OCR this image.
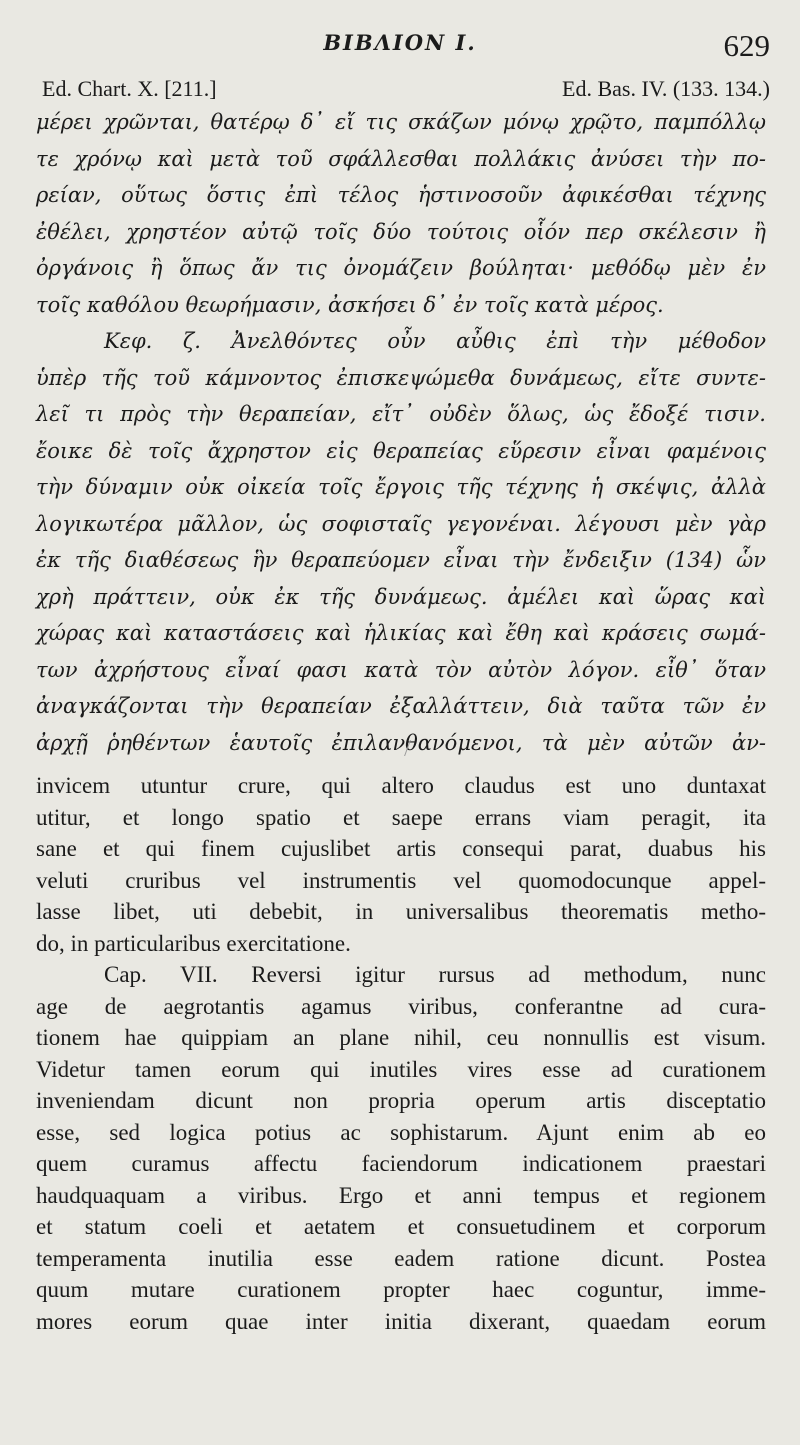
ΒΙΒΛΙΟΝ I.	629
Ed. Chart. X. [211.]	Ed. Bas. IV. (133. 134.)
μέρει χρῶνται, θατέρῳ δ᾽ εἴ τις σκάζων μόνῳ χρῷτο, παμπόλλῳ
τε χρόνῳ καὶ μετὰ τοῦ σφάλλεσθαι πολλάκις ἀνύσει τὴν πο-
ρείαν, οὕτως ὅστις ἐπὶ τέλος ἡστινοσοῦν ἀφικέσθαι τέχνης
ἐθέλει, χρηστέον αὐτῷ τοῖς δύο τούτοις οἷόν περ σκέλεσιν ἢ
ὀργάνοις ἢ ὅπως ἄν τις ὀνομάζειν βούληται· μεθόδῳ μὲν ἐν
τοῖς καθόλου θεωρήμασιν, ἀσκήσει δ᾽ ἐν τοῖς κατὰ μέρος.
Κεφ. ζ. Ἀνελθόντες οὖν αὖθις ἐπὶ τὴν μέθοδον
ὑπὲρ τῆς τοῦ κάμνοντος ἐπισκεψώμεθα δυνάμεως, εἴτε συντε-
λεῖ τι πρὸς τὴν θεραπείαν, εἴτ᾽ οὐδὲν ὅλως, ὡς ἔδοξέ τισιν.
ἔοικε δὲ τοῖς ἄχρηστον εἰς θεραπείας εὕρεσιν εἶναι φαμένοις
τὴν δύναμιν οὐκ οἰκεία τοῖς ἔργοις τῆς τέχνης ἡ σκέψις, ἀλλὰ
λογικωτέρα μᾶλλον, ὡς σοφισταῖς γεγονέναι. λέγουσι μὲν γὰρ
ἐκ τῆς διαθέσεως ἣν θεραπεύομεν εἶναι τὴν ἔνδειξιν (134) ὧν
χρὴ πράττειν, οὐκ ἐκ τῆς δυνάμεως. ἀμέλει καὶ ὥρας καὶ
χώρας καὶ καταστάσεις καὶ ἡλικίας καὶ ἔθη καὶ κράσεις σωμά-
των ἀχρήστους εἶναί φασι κατὰ τὸν αὐτὸν λόγον. εἶθ᾽ ὅταν
ἀναγκάζονται τὴν θεραπείαν ἐξαλλάττειν, διὰ ταῦτα τῶν ἐν
ἀρχῇ ῥηθέντων ἑαυτοῖς ἐπιλανθανόμενοι, τὰ μὲν αὐτῶν ἀν-
invicem utuntur crure, qui altero claudus est uno duntaxat
utitur, et longo spatio et saepe errans viam peragit, ita
sane et qui finem cujuslibet artis consequi parat, duabus his
veluti cruribus vel instrumentis vel quomodocunque appel-
lasse libet, uti debebit, in universalibus theorematis metho-
do, in particularibus exercitatione.
Cap. VII. Reversi igitur rursus ad methodum, nunc
age de aegrotantis agamus viribus, conferantne ad cura-
tionem hae quippiam an plane nihil, ceu nonnullis est visum.
Videtur tamen eorum qui inutiles vires esse ad curationem
inveniendam dicunt non propria operum artis disceptatio
esse, sed logica potius ac sophistarum. Ajunt enim ab eo
quem curamus affectu faciendorum indicationem praestari
haudquaquam a viribus. Ergo et anni tempus et regionem
et statum coeli et aetatem et consuetudinem et corporum
temperamenta inutilia esse eadem ratione dicunt. Postea
quum mutare curationem propter haec coguntur, imme-
mores eorum quae inter initia dixerant, quaedam eorum
